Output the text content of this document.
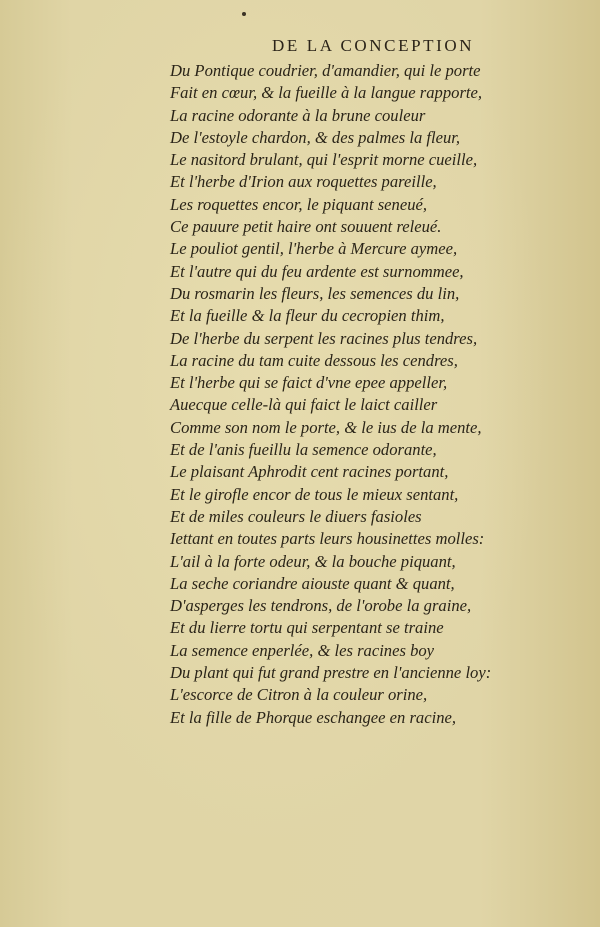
DE LA CONCEPTION
Du Pontique coudrier, d'amandier, qui le porte
Fait en cœur, & la fueille à la langue rapporte,
La racine odorante à la brune couleur
De l'estoyle chardon, & des palmes la fleur,
Le nasitord brulant, qui l'esprit morne cueille,
Et l'herbe d'Irion aux roquettes pareille,
Les roquettes encor, le piquant seneué,
Ce pauure petit haire ont souuent releué.
Le pouliot gentil, l'herbe à Mercure aymee,
Et l'autre qui du feu ardente est surnommee,
Du rosmarin les fleurs, les semences du lin,
Et la fueille & la fleur du cecropien thim,
De l'herbe du serpent les racines plus tendres,
La racine du tam cuite dessous les cendres,
Et l'herbe qui se faict d'vne epee appeller,
Auecque celle-là qui faict le laict cailler
Comme son nom le porte, & le ius de la mente,
Et de l'anis fueillu la semence odorante,
Le plaisant Aphrodit cent racines portant,
Et le girofle encor de tous le mieux sentant,
Et de miles couleurs le diuers fasioles
Iettant en toutes parts leurs housinettes molles:
L'ail à la forte odeur, & la bouche piquant,
La seche coriandre aiouste quant & quant,
D'asperges les tendrons, de l'orobe la graine,
Et du lierre tortu qui serpentant se traine
La semence enperlée, & les racines boy
Du plant qui fut grand prestre en l'ancienne loy:
L'escorce de Citron à la couleur orine,
Et la fille de Phorque eschangee en racine,
